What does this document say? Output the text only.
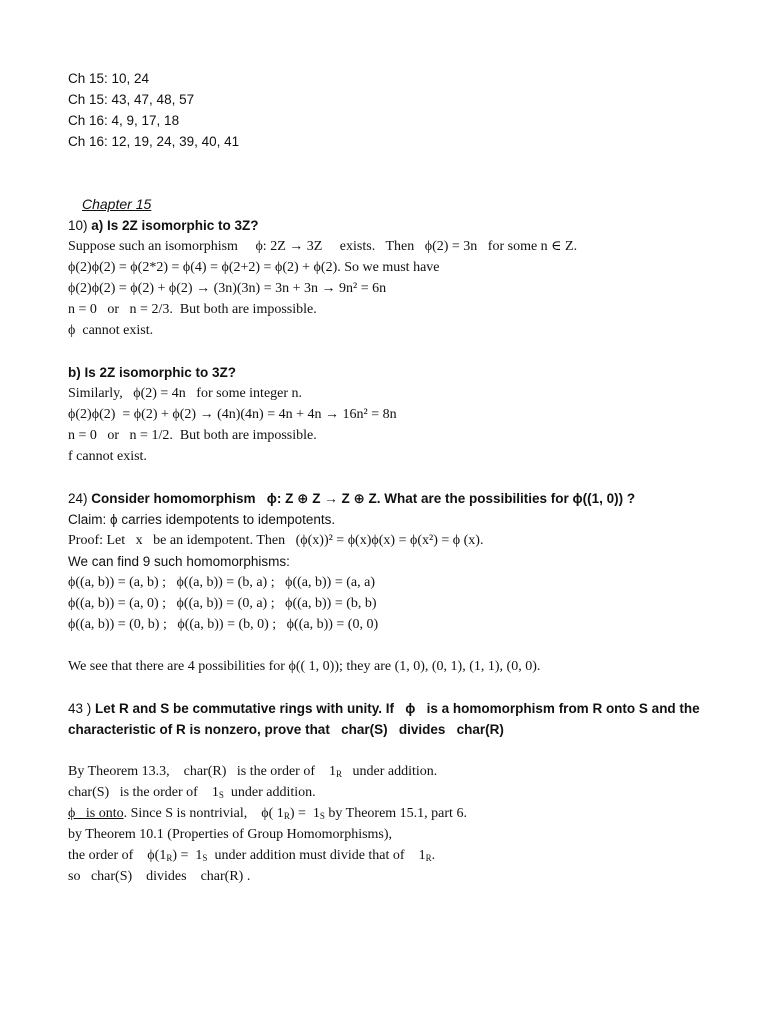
Ch 15: 10, 24
Ch 15: 43, 47, 48, 57
Ch 16: 4, 9, 17, 18
Ch 16: 12, 19, 24, 39, 40, 41

Chapter 15

10) a) Is 2Z isomorphic to 3Z?
Suppose such an isomorphism     ϕ: 2Z → 3Z     exists.   Then   ϕ(2) = 3n   for some n ∈ Z.
ϕ(2)ϕ(2) = ϕ(2*2) = ϕ(4) = ϕ(2+2) = ϕ(2) + ϕ(2). So we must have
ϕ(2)ϕ(2) = ϕ(2) + ϕ(2) → (3n)(3n) = 3n + 3n → 9n² = 6n
n = 0   or   n = 2/3.  But both are impossible.
ϕ  cannot exist.
b) Is 2Z isomorphic to 3Z?
Similarly,   ϕ(2) = 4n   for some integer n.
ϕ(2)ϕ(2)  = ϕ(2) + ϕ(2) → (4n)(4n) = 4n + 4n → 16n² = 8n
n = 0   or   n = 1/2.  But both are impossible.
f cannot exist.
24) Consider homomorphism   ϕ: Z ⊕ Z → Z ⊕ Z. What are the possibilities for ϕ((1, 0)) ?
Claim: ϕ carries idempotents to idempotents.
Proof: Let   x   be an idempotent. Then   (ϕ(x))² = ϕ(x)ϕ(x) = ϕ(x²) = ϕ (x).
We can find 9 such homomorphisms:
ϕ((a, b)) = (a, b) ;   ϕ((a, b)) = (b, a) ;   ϕ((a, b)) = (a, a)
ϕ((a, b)) = (a, 0) ;   ϕ((a, b)) = (0, a) ;   ϕ((a, b)) = (b, b)
ϕ((a, b)) = (0, b) ;   ϕ((a, b)) = (b, 0) ;   ϕ((a, b)) = (0, 0)
We see that there are 4 possibilities for ϕ(( 1, 0)); they are (1, 0), (0, 1), (1, 1), (0, 0).
43 ) Let R and S be commutative rings with unity. If   ϕ   is a homomorphism from R onto S and the
characteristic of R is nonzero, prove that   char(S)   divides   char(R)
By Theorem 13.3,    char(R)   is the order of    $1_R$   under addition.
char(S)   is the order of    $1_S$  under addition.
ϕ   is onto. Since S is nontrivial,    ϕ( $1_R) = 1_S$ by Theorem 15.1, part 6.
by Theorem 10.1 (Properties of Group Homomorphisms),
the order of    $\phi(1_R) = 1_S$  under addition must divide that of    $1_R$.
so   char(S)    divides    char(R) .
